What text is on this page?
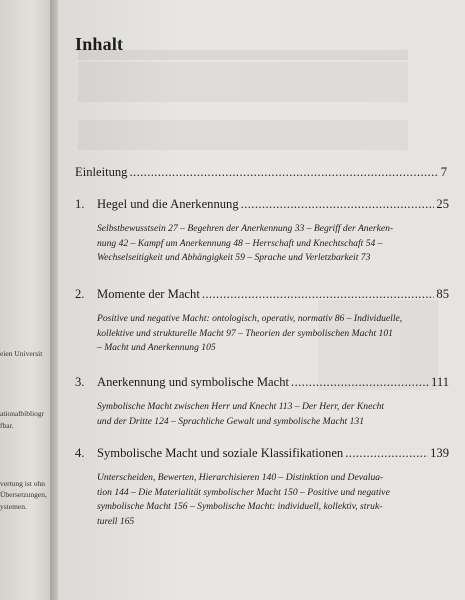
eien Universit
ationalbibliogr
fbar.
vertung ist ohn
Übersetzungen,
ystemen.
Inhalt
Einleitung .....	7
1. Hegel und die Anerkennung .....	25
Selbstbewusstsein 27 – Begehren der Anerkennung 33 – Begriff der Anerken-
nung 42 – Kampf um Anerkennung 48 – Herrschaft und Knechtschaft 54 –
Wechselseitigkeit und Abhängigkeit 59 – Sprache und Verletzbarkeit 73
2. Momente der Macht .....	85
Positive und negative Macht: ontologisch, operativ, normativ 86 – Individuelle,
kollektive und strukturelle Macht 97 – Theorien der symbolischen Macht 101
– Macht und Anerkennung 105
3. Anerkennung und symbolische Macht .....	111
Symbolische Macht zwischen Herr und Knecht 113 – Der Herr, der Knecht
und der Dritte 124 – Sprachliche Gewalt und symbolische Macht 131
4. Symbolische Macht und soziale Klassifikationen .....	139
Unterscheiden, Bewerten, Hierarchisieren 140 – Distinktion und Devalua-
tion 144 – Die Materialität symbolischer Macht 150 – Positive und negative
symbolische Macht 156 – Symbolische Macht: individuell, kollektiv, struk-
turell 165
